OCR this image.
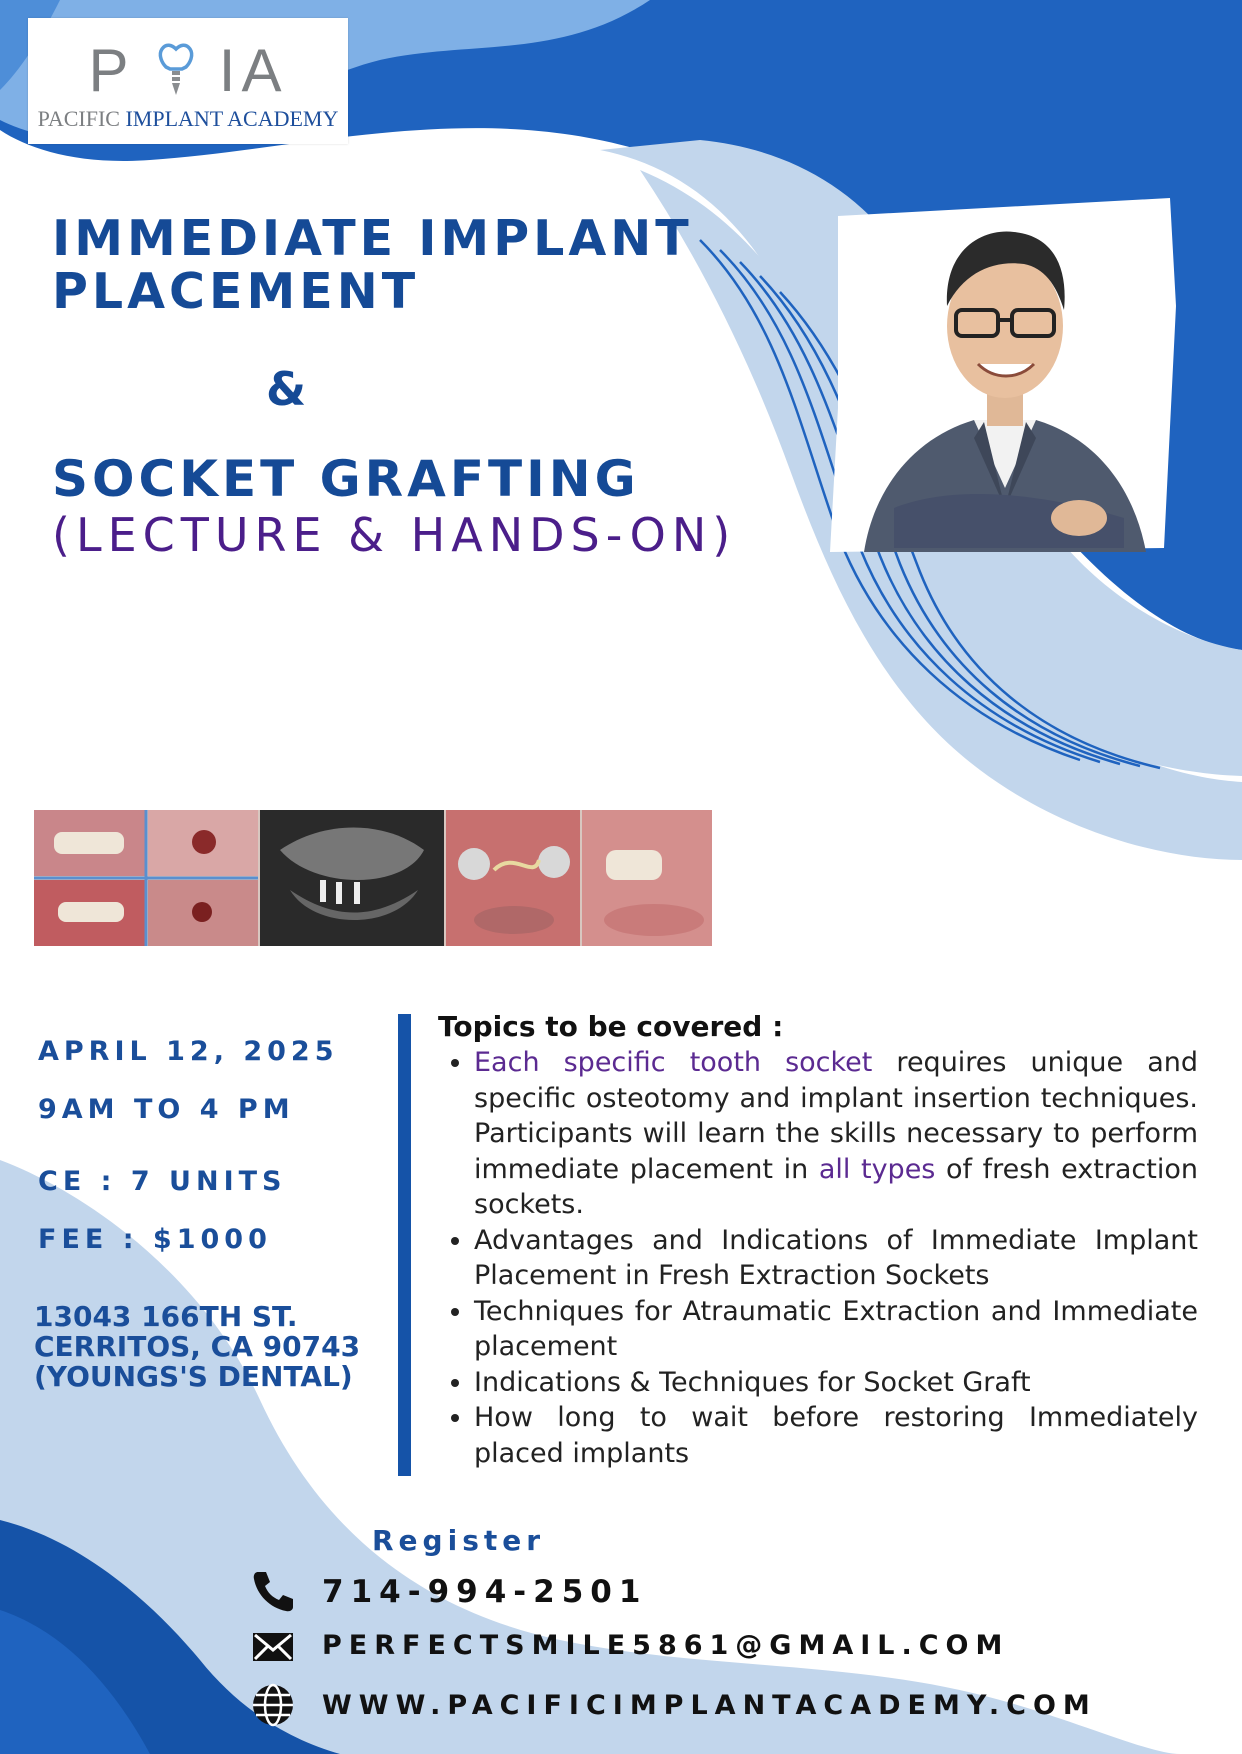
P IA
PACIFIC IMPLANT ACADEMY
IMMEDIATE IMPLANT
PLACEMENT
&
SOCKET GRAFTING
(LECTURE & HANDS-ON)
APRIL 12, 2025
9AM TO 4 PM
CE : 7 UNITS
FEE : $1000
13043 166TH ST.
CERRITOS, CA 90743
(YOUNGS'S DENTAL)
Topics to be covered :
• Each specific tooth socket requires unique and specific osteotomy and implant insertion techniques. Participants will learn the skills necessary to perform immediate placement in all types of fresh extraction sockets.
• Advantages and Indications of Immediate Implant Placement in Fresh Extraction Sockets
• Techniques for Atraumatic Extraction and Immediate placement
• Indications & Techniques for Socket Graft
• How long to wait before restoring Immediately placed implants
Register
714-994-2501
PERFECTSMILE5861@GMAIL.COM
WWW.PACIFICIMPLANTACADEMY.COM
